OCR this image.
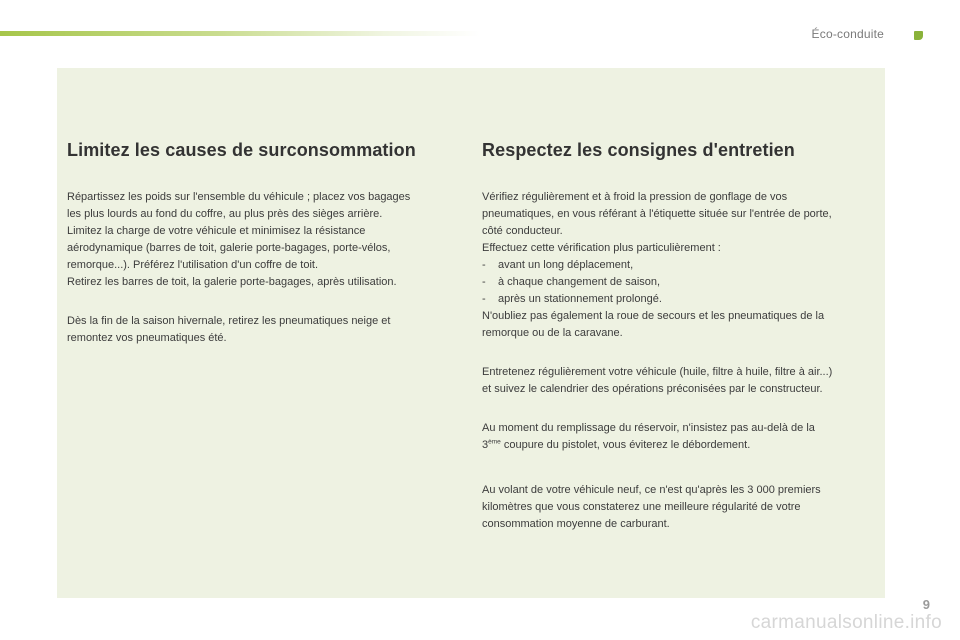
Éco-conduite
Limitez les causes de surconsommation

Répartissez les poids sur l'ensemble du véhicule ; placez vos bagages
les plus lourds au fond du coffre, au plus près des sièges arrière.
Limitez la charge de votre véhicule et minimisez la résistance
aérodynamique (barres de toit, galerie porte-bagages, porte-vélos,
remorque...). Préférez l'utilisation d'un coffre de toit.
Retirez les barres de toit, la galerie porte-bagages, après utilisation.

Dès la fin de la saison hivernale, retirez les pneumatiques neige et
remontez vos pneumatiques été.

Respectez les consignes d'entretien

Vérifiez régulièrement et à froid la pression de gonflage de vos
pneumatiques, en vous référant à l'étiquette située sur l'entrée de porte,
côté conducteur.
Effectuez cette vérification plus particulièrement :
- avant un long déplacement,
- à chaque changement de saison,
- après un stationnement prolongé.
N'oubliez pas également la roue de secours et les pneumatiques de la
remorque ou de la caravane.

Entretenez régulièrement votre véhicule (huile, filtre à huile, filtre à air...)
et suivez le calendrier des opérations préconisées par le constructeur.

Au moment du remplissage du réservoir, n'insistez pas au-delà de la
3ème coupure du pistolet, vous éviterez le débordement.

Au volant de votre véhicule neuf, ce n'est qu'après les 3 000 premiers
kilomètres que vous constaterez une meilleure régularité de votre
consommation moyenne de carburant.

9
carmanualsonline.info
